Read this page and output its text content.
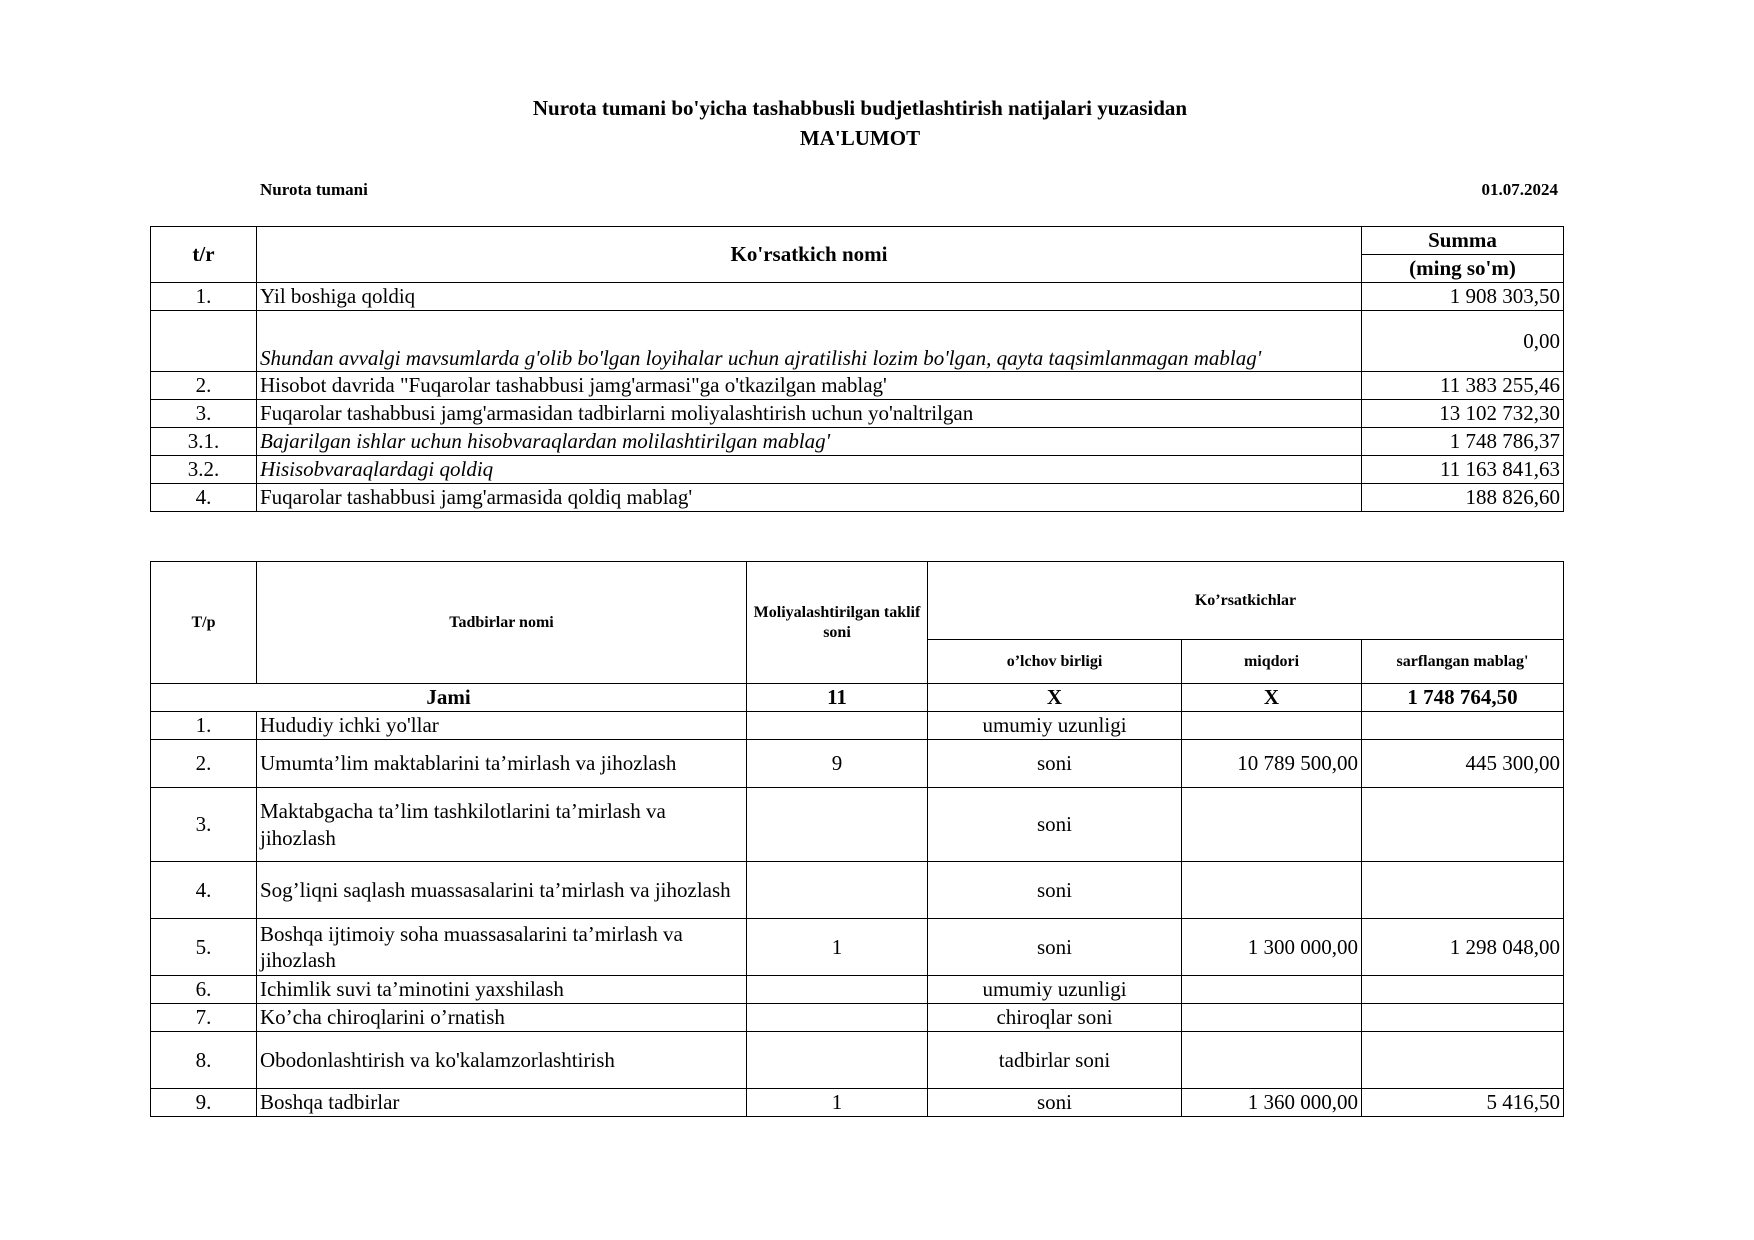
Nurota tumani bo'yicha tashabbusli budjetlashtirish natijalari yuzasidan
MA'LUMOT
Nurota tumani	01.07.2024
t/r	Ko'rsatkich nomi	Summa
		(ming so'm)
1.	Yil boshiga qoldiq	1 908 303,50
	Shundan avvalgi mavsumlarda g'olib bo'lgan loyihalar uchun ajratilishi lozim bo'lgan, qayta taqsimlanmagan mablag'	0,00
2.	Hisobot davrida "Fuqarolar tashabbusi jamg'armasi"ga o'tkazilgan mablag'	11 383 255,46
3.	Fuqarolar tashabbusi jamg'armasidan tadbirlarni moliyalashtirish uchun yo'naltrilgan	13 102 732,30
3.1.	Bajarilgan ishlar uchun hisobvaraqlardan molilashtirilgan mablag'	1 748 786,37
3.2.	Hisisobvaraqlardagi qoldiq	11 163 841,63
4.	Fuqarolar tashabbusi jamg'armasida qoldiq mablag'	188 826,60
T/p	Tadbirlar nomi	Moliyalashtirilgan taklif soni	Ko’rsatkichlar		
			o’lchov birligi	miqdori	sarflangan mablag'
Jami		11	X	X	1 748 764,50
1.	Hududiy ichki yo'llar		umumiy uzunligi		
2.	Umumta’lim maktablarini ta’mirlash va jihozlash	9	soni	10 789 500,00	445 300,00
3.	Maktabgacha ta’lim tashkilotlarini ta’mirlash va jihozlash		soni		
4.	Sog’liqni saqlash muassasalarini ta’mirlash va jihozlash		soni		
5.	Boshqa ijtimoiy soha muassasalarini ta’mirlash va jihozlash	1	soni	1 300 000,00	1 298 048,00
6.	Ichimlik suvi ta’minotini yaxshilash		umumiy uzunligi		
7.	Ko’cha chiroqlarini o’rnatish		chiroqlar soni		
8.	Obodonlashtirish va ko'kalamzorlashtirish		tadbirlar soni		
9.	Boshqa tadbirlar	1	soni	1 360 000,00	5 416,50
